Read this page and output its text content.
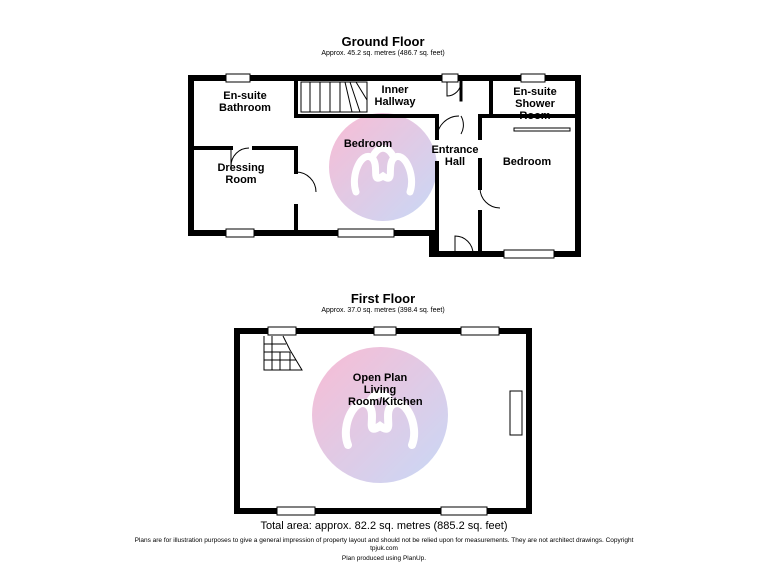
Ground Floor
Approx. 45.2 sq. metres (486.7 sq. feet)
En-suite Bathroom
Inner Hallway
En-suite Shower Room
Dressing Room
Bedroom	Entrance Hall	Bedroom
First Floor
Approx. 37.0 sq. metres (398.4 sq. feet)
Open Plan Living Room/Kitchen
Total area: approx. 82.2 sq. metres (885.2 sq. feet)
Plans are for illustration purposes to give a general impression of property layout and should not be relied upon for measurements. They are not architect drawings. Copyright tpjuk.com
Plan produced using PlanUp.
